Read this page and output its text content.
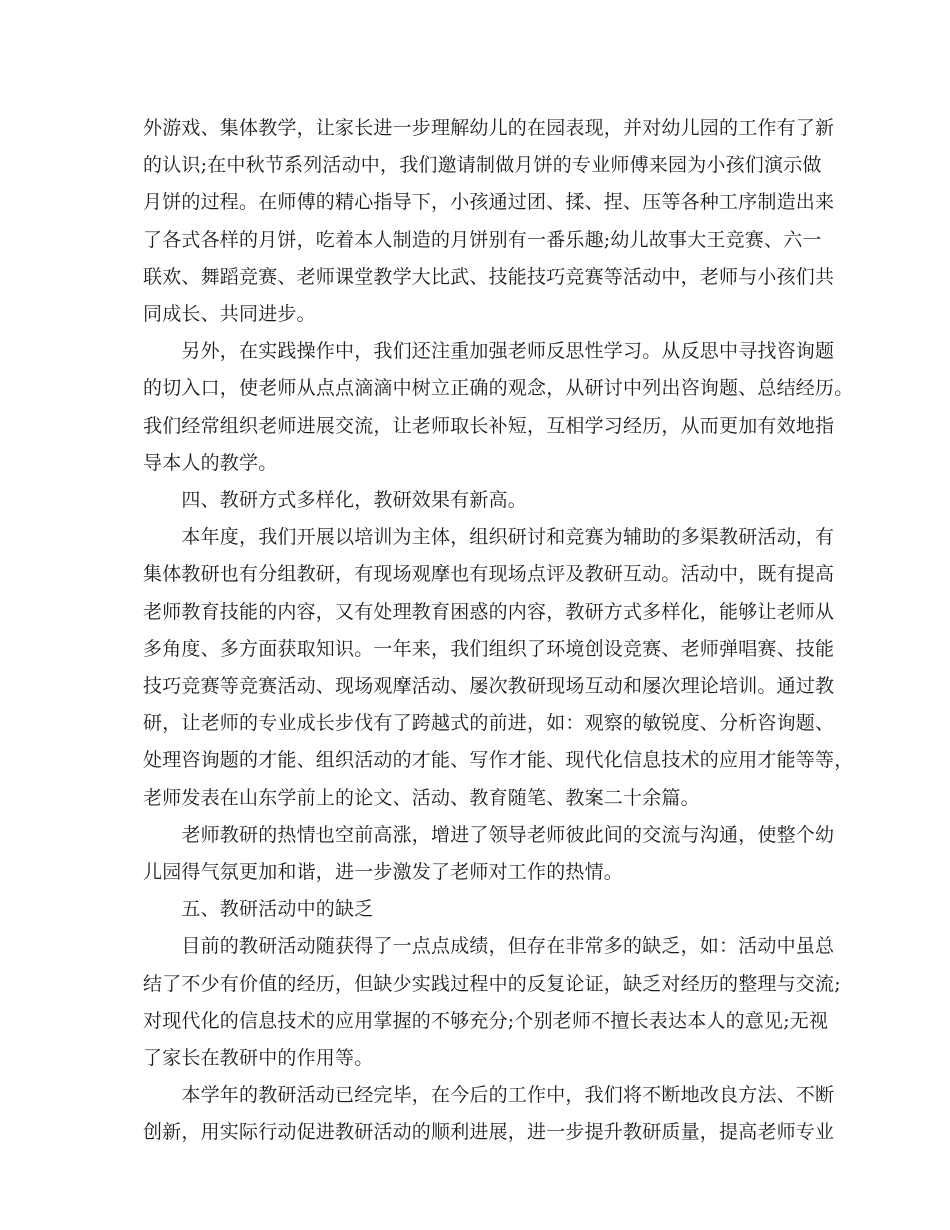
外游戏、集体教学，让家长进一步理解幼儿的在园表现，并对幼儿园的工作有了新
的认识;在中秋节系列活动中，我们邀请制做月饼的专业师傅来园为小孩们演示做
月饼的过程。在师傅的精心指导下，小孩通过团、揉、捏、压等各种工序制造出来
了各式各样的月饼，吃着本人制造的月饼别有一番乐趣;幼儿故事大王竞赛、六一
联欢、舞蹈竞赛、老师课堂教学大比武、技能技巧竞赛等活动中，老师与小孩们共
同成长、共同进步。

　　另外，在实践操作中，我们还注重加强老师反思性学习。从反思中寻找咨询题
的切入口，使老师从点点滴滴中树立正确的观念，从研讨中列出咨询题、总结经历。
我们经常组织老师进展交流，让老师取长补短，互相学习经历，从而更加有效地指
导本人的教学。

　　四、教研方式多样化，教研效果有新高。

　　本年度，我们开展以培训为主体，组织研讨和竞赛为辅助的多渠教研活动，有
集体教研也有分组教研，有现场观摩也有现场点评及教研互动。活动中，既有提高
老师教育技能的内容，又有处理教育困惑的内容，教研方式多样化，能够让老师从
多角度、多方面获取知识。一年来，我们组织了环境创设竞赛、老师弹唱赛、技能
技巧竞赛等竞赛活动、现场观摩活动、屡次教研现场互动和屡次理论培训。通过教
研，让老师的专业成长步伐有了跨越式的前进，如：观察的敏锐度、分析咨询题、
处理咨询题的才能、组织活动的才能、写作才能、现代化信息技术的应用才能等等，
老师发表在山东学前上的论文、活动、教育随笔、教案二十余篇。

　　老师教研的热情也空前高涨，增进了领导老师彼此间的交流与沟通，使整个幼
儿园得气氛更加和谐，进一步激发了老师对工作的热情。

　　五、教研活动中的缺乏

　　目前的教研活动随获得了一点点成绩，但存在非常多的缺乏，如：活动中虽总
结了不少有价值的经历，但缺少实践过程中的反复论证，缺乏对经历的整理与交流;
对现代化的信息技术的应用掌握的不够充分;个别老师不擅长表达本人的意见;无视
了家长在教研中的作用等。

　　本学年的教研活动已经完毕，在今后的工作中，我们将不断地改良方法、不断
创新，用实际行动促进教研活动的顺利进展，进一步提升教研质量，提高老师专业
